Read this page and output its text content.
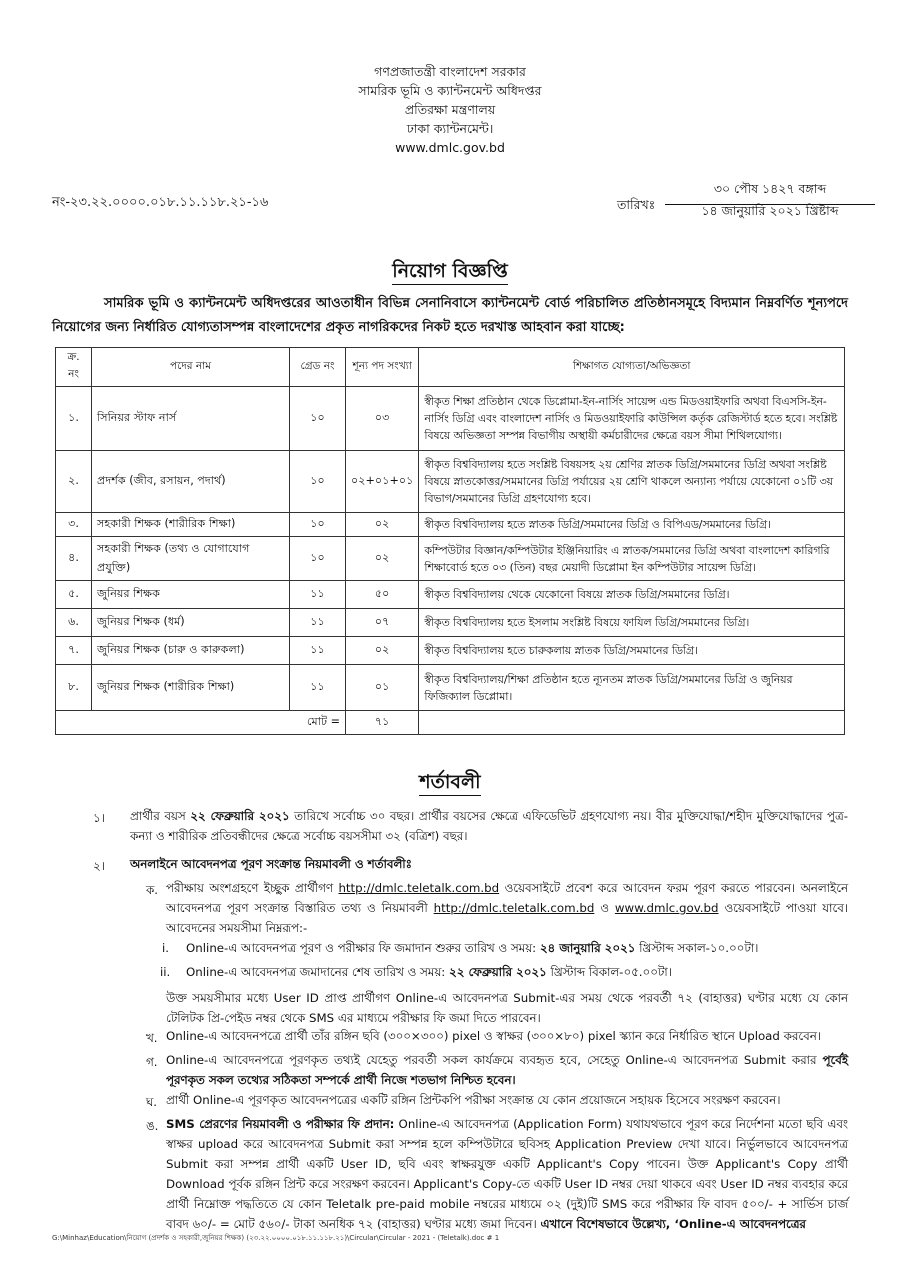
গণপ্রজাতন্ত্রী বাংলাদেশ সরকার
সামরিক ভূমি ও ক্যান্টনমেন্ট অধিদপ্তর
প্রতিরক্ষা মন্ত্রণালয়
ঢাকা ক্যান্টনমেন্ট।
www.dmlc.gov.bd
নং-২৩.২২.০০০০.০১৮.১১.১১৮.২১-১৬	তারিখঃ
৩০ পৌষ ১৪২৭ বঙ্গাব্দ
১৪ জানুয়ারি ২০২১ খ্রিষ্টাব্দ
নিয়োগ বিজ্ঞপ্তি
সামরিক ভূমি ও ক্যান্টনমেন্ট অধিদপ্তরের আওতাধীন বিভিন্ন সেনানিবাসে ক্যান্টনমেন্ট বোর্ড পরিচালিত প্রতিষ্ঠানসমূহে বিদ্যমান নিম্নবর্ণিত শূন্যপদে নিয়োগের জন্য নির্ধারিত যোগ্যতাসম্পন্ন বাংলাদেশের প্রকৃত নাগরিকদের নিকট হতে দরখাস্ত আহবান করা যাচ্ছে:
ক্র. নং	পদের নাম	গ্রেড নং	শূন্য পদ সংখ্যা	শিক্ষাগত যোগ্যতা/অভিজ্ঞতা
১.	সিনিয়র স্টাফ নার্স	১০	০৩	স্বীকৃত শিক্ষা প্রতিষ্ঠান থেকে ডিপ্লোমা-ইন-নার্সিং সায়েন্স এন্ড মিডওয়াইফারি অথবা বিএসসি-ইন-নার্সিং ডিগ্রি এবং বাংলাদেশ নার্সিং ও মিডওয়াইফারি কাউন্সিল কর্তৃক রেজিস্টার্ড হতে হবে। সংশ্লিষ্ট বিষয়ে অভিজ্ঞতা সম্পন্ন বিভাগীয় অস্থায়ী কর্মচারীদের ক্ষেত্রে বয়স সীমা শিথিলযোগ্য।
২.	প্রদর্শক (জীব, রসায়ন, পদার্থ)	১০	০২+০১+০১	স্বীকৃত বিশ্ববিদ্যালয় হতে সংশ্লিষ্ট বিষয়সহ ২য় শ্রেণির স্নাতক ডিগ্রি/সমমানের ডিগ্রি অথবা সংশ্লিষ্ট বিষয়ে স্নাতকোত্তর/সমমানের ডিগ্রি পর্যায়ের ২য় শ্রেণি থাকলে অন্যান্য পর্যায়ে যেকোনো ০১টি ৩য় বিভাগ/সমমানের ডিগ্রি গ্রহণযোগ্য হবে।
৩.	সহকারী শিক্ষক (শারীরিক শিক্ষা)	১০	০২	স্বীকৃত বিশ্ববিদ্যালয় হতে স্নাতক ডিগ্রি/সমমানের ডিগ্রি ও বিপিএড/সমমানের ডিগ্রি।
৪.	সহকারী শিক্ষক (তথ্য ও যোগাযোগ প্রযুক্তি)	১০	০২	কম্পিউটার বিজ্ঞান/কম্পিউটার ইঞ্জিনিয়ারিং এ স্নাতক/সমমানের ডিগ্রি অথবা বাংলাদেশ কারিগরি শিক্ষাবোর্ড হতে ০৩ (তিন) বছর মেয়াদী ডিপ্লোমা ইন কম্পিউটার সায়েন্স ডিগ্রি।
৫.	জুনিয়র শিক্ষক	১১	৫০	স্বীকৃত বিশ্ববিদ্যালয় থেকে যেকোনো বিষয়ে স্নাতক ডিগ্রি/সমমানের ডিগ্রি।
৬.	জুনিয়র শিক্ষক (ধর্ম)	১১	০৭	স্বীকৃত বিশ্ববিদ্যালয় হতে ইসলাম সংশ্লিষ্ট বিষয়ে ফাযিল ডিগ্রি/সমমানের ডিগ্রি।
৭.	জুনিয়র শিক্ষক (চারু ও কারুকলা)	১১	০২	স্বীকৃত বিশ্ববিদ্যালয় হতে চারুকলায় স্নাতক ডিগ্রি/সমমানের ডিগ্রি।
৮.	জুনিয়র শিক্ষক (শারীরিক শিক্ষা)	১১	০১	স্বীকৃত বিশ্ববিদ্যালয়/শিক্ষা প্রতিষ্ঠান হতে ন্যূনতম স্নাতক ডিগ্রি/সমমানের ডিগ্রি ও জুনিয়র ফিজিক্যাল ডিপ্লোমা।
মোট =			৭১	
শর্তাবলী
১। প্রার্থীর বয়স ২২ ফেব্রুয়ারি ২০২১ তারিখে সর্বোচ্চ ৩০ বছর। প্রার্থীর বয়সের ক্ষেত্রে এফিডেভিট গ্রহণযোগ্য নয়। বীর মুক্তিযোদ্ধা/শহীদ মুক্তিযোদ্ধাদের পুত্র-কন্যা ও শারীরিক প্রতিবন্ধীদের ক্ষেত্রে সর্বোচ্চ বয়সসীমা ৩২ (বত্রিশ) বছর।
২। অনলাইনে আবেদনপত্র পূরণ সংক্রান্ত নিয়মাবলী ও শর্তাবলীঃ
ক. পরীক্ষায় অংশগ্রহণে ইচ্ছুক প্রার্থীগণ http://dmlc.teletalk.com.bd ওয়েবসাইটে প্রবেশ করে আবেদন ফরম পূরণ করতে পারবেন। অনলাইনে আবেদনপত্র পূরণ সংক্রান্ত বিস্তারিত তথ্য ও নিয়মাবলী http://dmlc.teletalk.com.bd ও www.dmlc.gov.bd ওয়েবসাইটে পাওয়া যাবে। আবেদনের সময়সীমা নিম্নরূপ:-
i. Online-এ আবেদনপত্র পূরণ ও পরীক্ষার ফি জমাদান শুরুর তারিখ ও সময়: ২৪ জানুয়ারি ২০২১ খ্রিস্টাব্দ সকাল-১০.০০টা।
ii. Online-এ আবেদনপত্র জমাদানের শেষ তারিখ ও সময়: ২২ ফেব্রুয়ারি ২০২১ খ্রিস্টাব্দ বিকাল-০৫.০০টা।
উক্ত সময়সীমার মধ্যে User ID প্রাপ্ত প্রার্থীগণ Online-এ আবেদনপত্র Submit-এর সময় থেকে পরবর্তী ৭২ (বাহাত্তর) ঘণ্টার মধ্যে যে কোন টেলিটক প্রি-পেইড নম্বর থেকে SMS এর মাধ্যমে পরীক্ষার ফি জমা দিতে পারবেন।
খ. Online-এ আবেদনপত্রে প্রার্থী তাঁর রঙ্গিন ছবি (৩০০×৩০০) pixel ও স্বাক্ষর (৩০০×৮০) pixel স্ক্যান করে নির্ধারিত স্থানে Upload করবেন।
গ. Online-এ আবেদনপত্রে পূরণকৃত তথ্যই যেহেতু পরবর্তী সকল কার্যক্রমে ব্যবহৃত হবে, সেহেতু Online-এ আবেদনপত্র Submit করার পূর্বেই পূরণকৃত সকল তথ্যের সঠিকতা সম্পর্কে প্রার্থী নিজে শতভাগ নিশ্চিত হবেন।
ঘ. প্রার্থী Online-এ পূরণকৃত আবেদনপত্রের একটি রঙ্গিন প্রিন্টকপি পরীক্ষা সংক্রান্ত যে কোন প্রয়োজনে সহায়ক হিসেবে সংরক্ষণ করবেন।
ঙ. SMS প্রেরণের নিয়মাবলী ও পরীক্ষার ফি প্রদান: Online-এ আবেদনপত্র (Application Form) যথাযথভাবে পূরণ করে নির্দেশনা মতো ছবি এবং স্বাক্ষর upload করে আবেদনপত্র Submit করা সম্পন্ন হলে কম্পিউটারে ছবিসহ Application Preview দেখা যাবে। নির্ভুলভাবে আবেদনপত্র Submit করা সম্পন্ন প্রার্থী একটি User ID, ছবি এবং স্বাক্ষরযুক্ত একটি Applicant's Copy পাবেন। উক্ত Applicant's Copy প্রার্থী Download পূর্বক রঙ্গিন প্রিন্ট করে সংরক্ষণ করবেন। Applicant's Copy-তে একটি User ID নম্বর দেয়া থাকবে এবং User ID নম্বর ব্যবহার করে প্রার্থী নিম্নোক্ত পদ্ধতিতে যে কোন Teletalk pre-paid mobile নম্বরের মাধ্যমে ০২ (দুই)টি SMS করে পরীক্ষার ফি বাবদ ৫০০/- + সার্ভিস চার্জ বাবদ ৬০/- = মোট ৫৬০/- টাকা অনধিক ৭২ (বাহাত্তর) ঘণ্টার মধ্যে জমা দিবেন। এখানে বিশেষভাবে উল্লেখ্য, ‘Online-এ আবেদনপত্রের
G:\Minhaz\Education\নিয়োগ (প্রদর্শক ও সহকারী,জুনিয়র শিক্ষক) (২৩.২২.০০০০.০১৮.১১.১১৮.২১)\Circular\Circular - 2021 - (Teletalk).doc # 1
